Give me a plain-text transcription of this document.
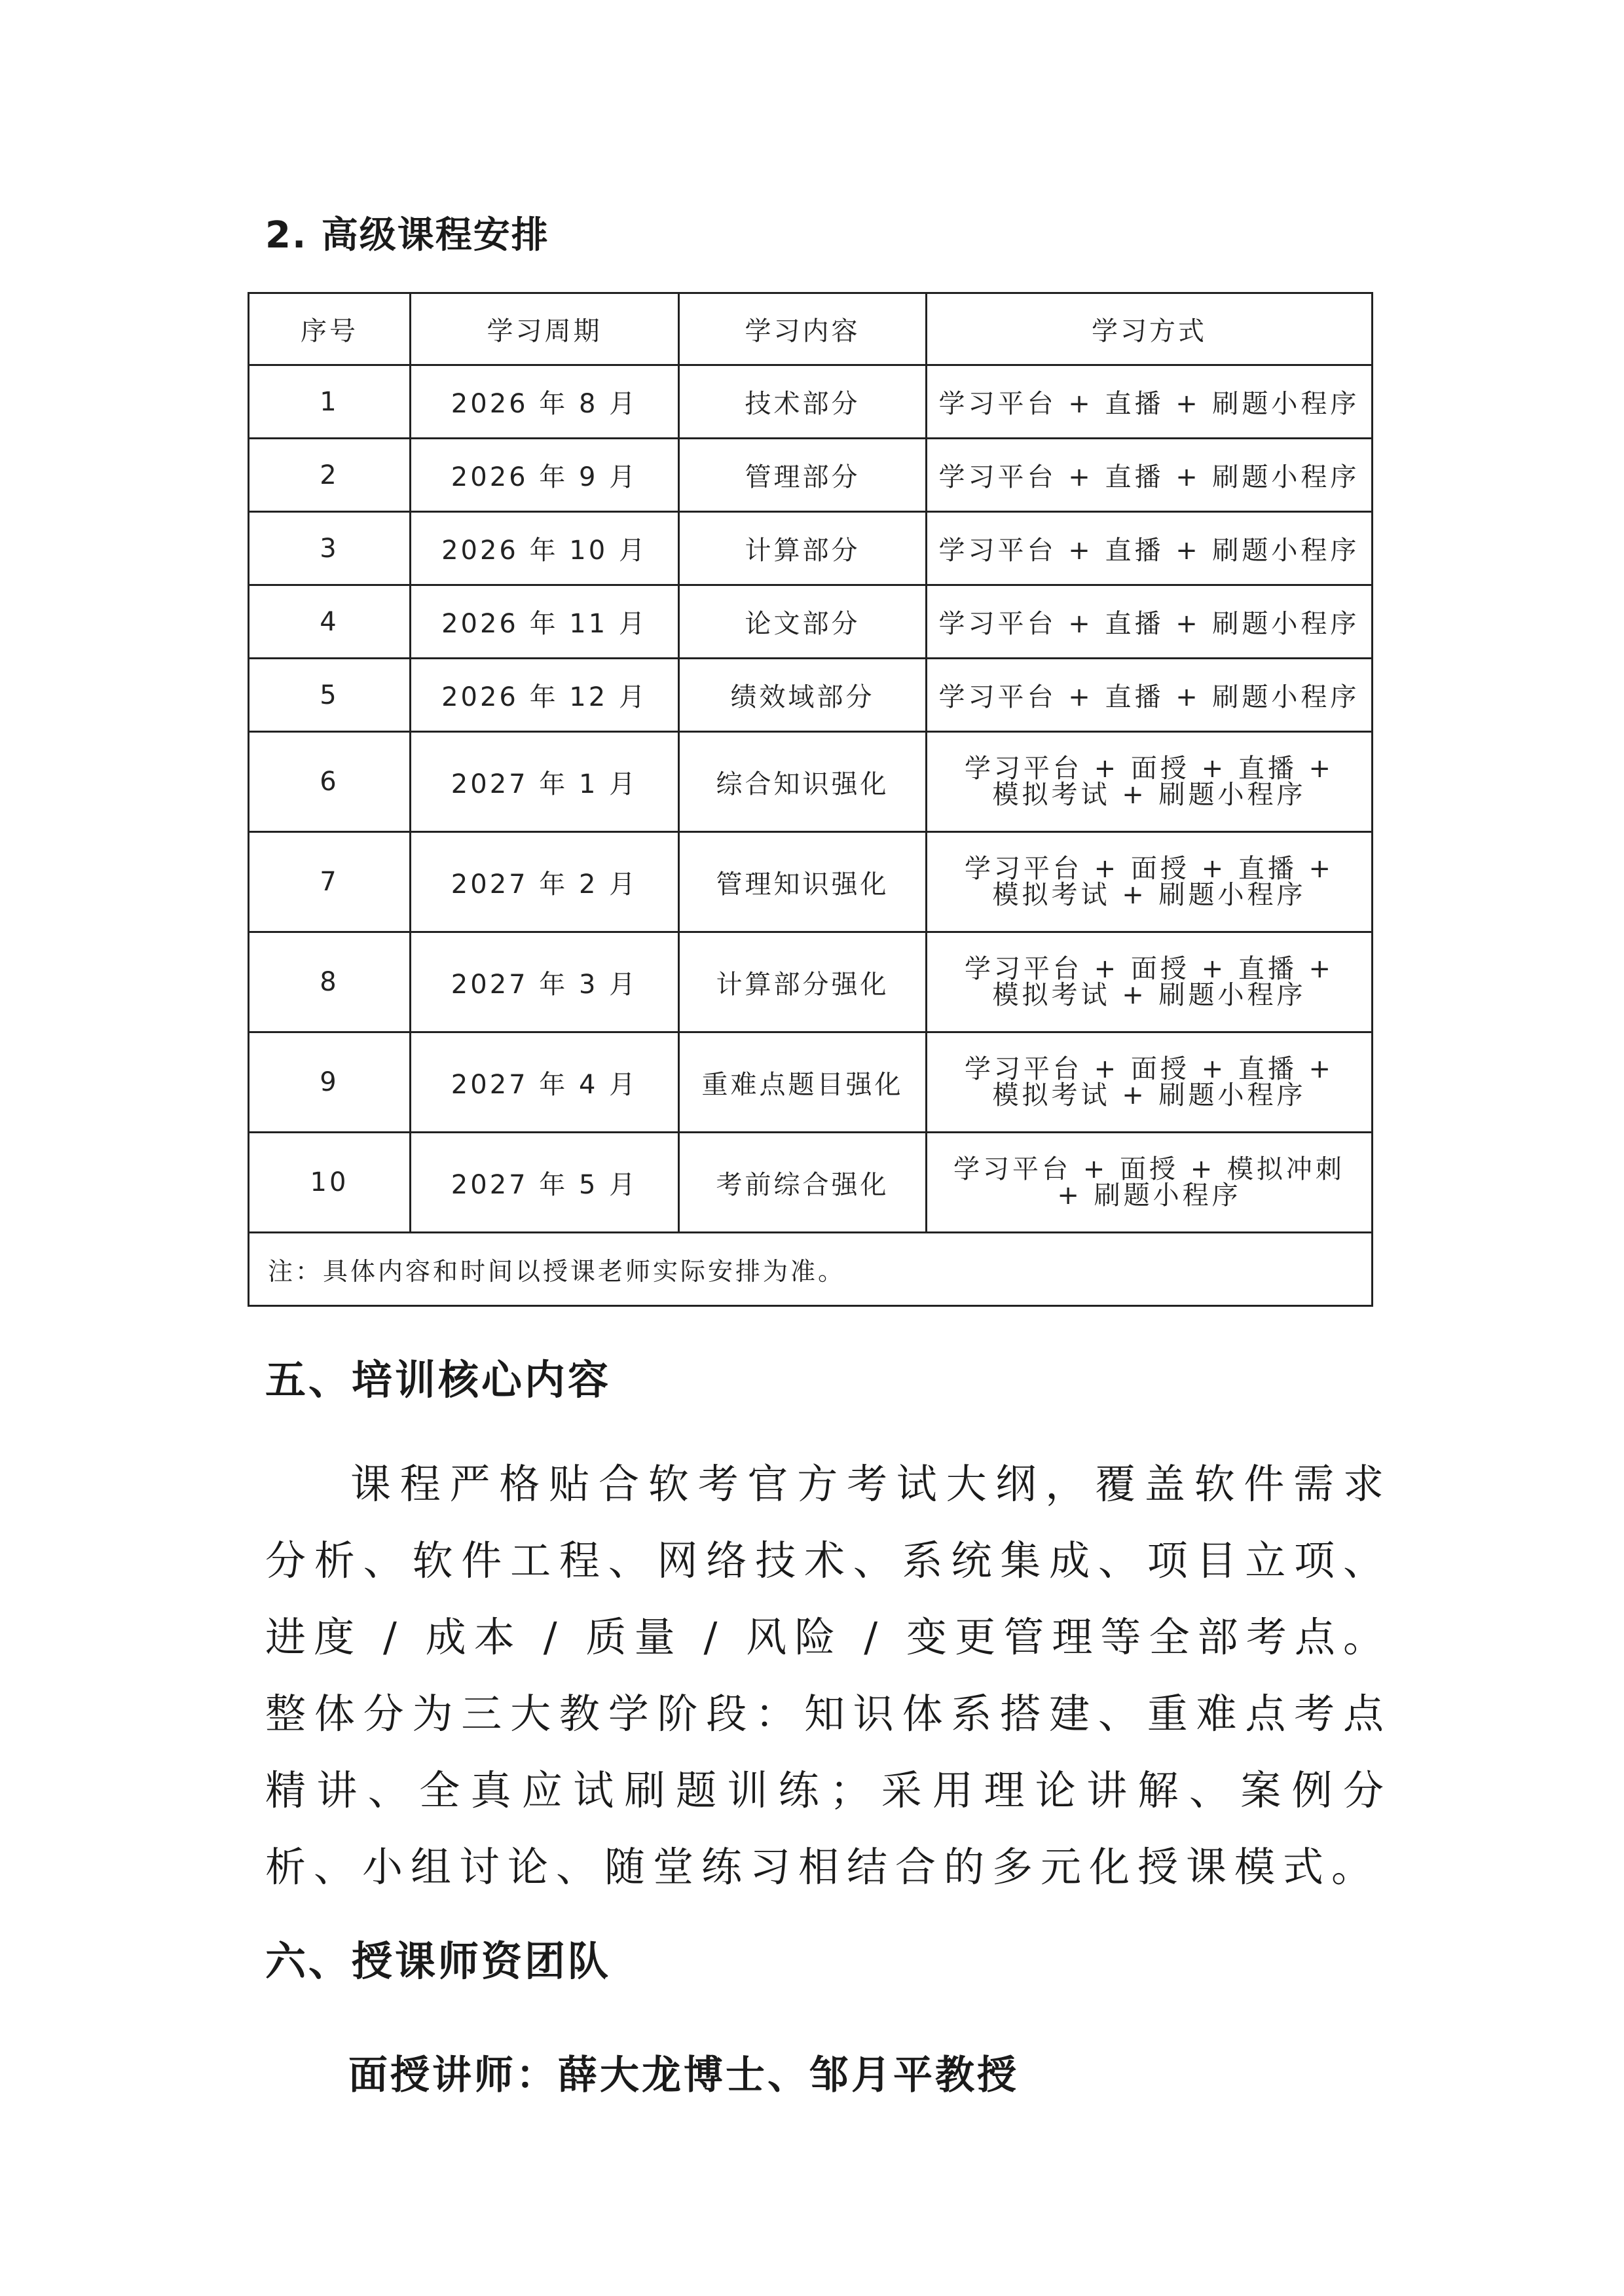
2. 高级课程安排
序号	学习周期	学习内容	学习方式
1	2026 年 8 月	技术部分	学习平台 + 直播 + 刷题小程序
2	2026 年 9 月	管理部分	学习平台 + 直播 + 刷题小程序
3	2026 年 10 月	计算部分	学习平台 + 直播 + 刷题小程序
4	2026 年 11 月	论文部分	学习平台 + 直播 + 刷题小程序
5	2026 年 12 月	绩效域部分	学习平台 + 直播 + 刷题小程序
6	2027 年 1 月	综合知识强化	学习平台 + 面授 + 直播 + 模拟考试 + 刷题小程序
7	2027 年 2 月	管理知识强化	学习平台 + 面授 + 直播 + 模拟考试 + 刷题小程序
8	2027 年 3 月	计算部分强化	学习平台 + 面授 + 直播 + 模拟考试 + 刷题小程序
9	2027 年 4 月	重难点题目强化	学习平台 + 面授 + 直播 + 模拟考试 + 刷题小程序
10	2027 年 5 月	考前综合强化	学习平台 + 面授 + 模拟冲刺 + 刷题小程序
注：具体内容和时间以授课老师实际安排为准。			
五、培训核心内容

课程严格贴合软考官方考试大纲，覆盖软件需求分析、软件工程、网络技术、系统集成、项目立项、进度 / 成本 / 质量 / 风险 / 变更管理等全部考点。整体分为三大教学阶段：知识体系搭建、重难点考点精讲、全真应试刷题训练；采用理论讲解、案例分析、小组讨论、随堂练习相结合的多元化授课模式。

六、授课师资团队
面授讲师：薛大龙博士、邹月平教授
